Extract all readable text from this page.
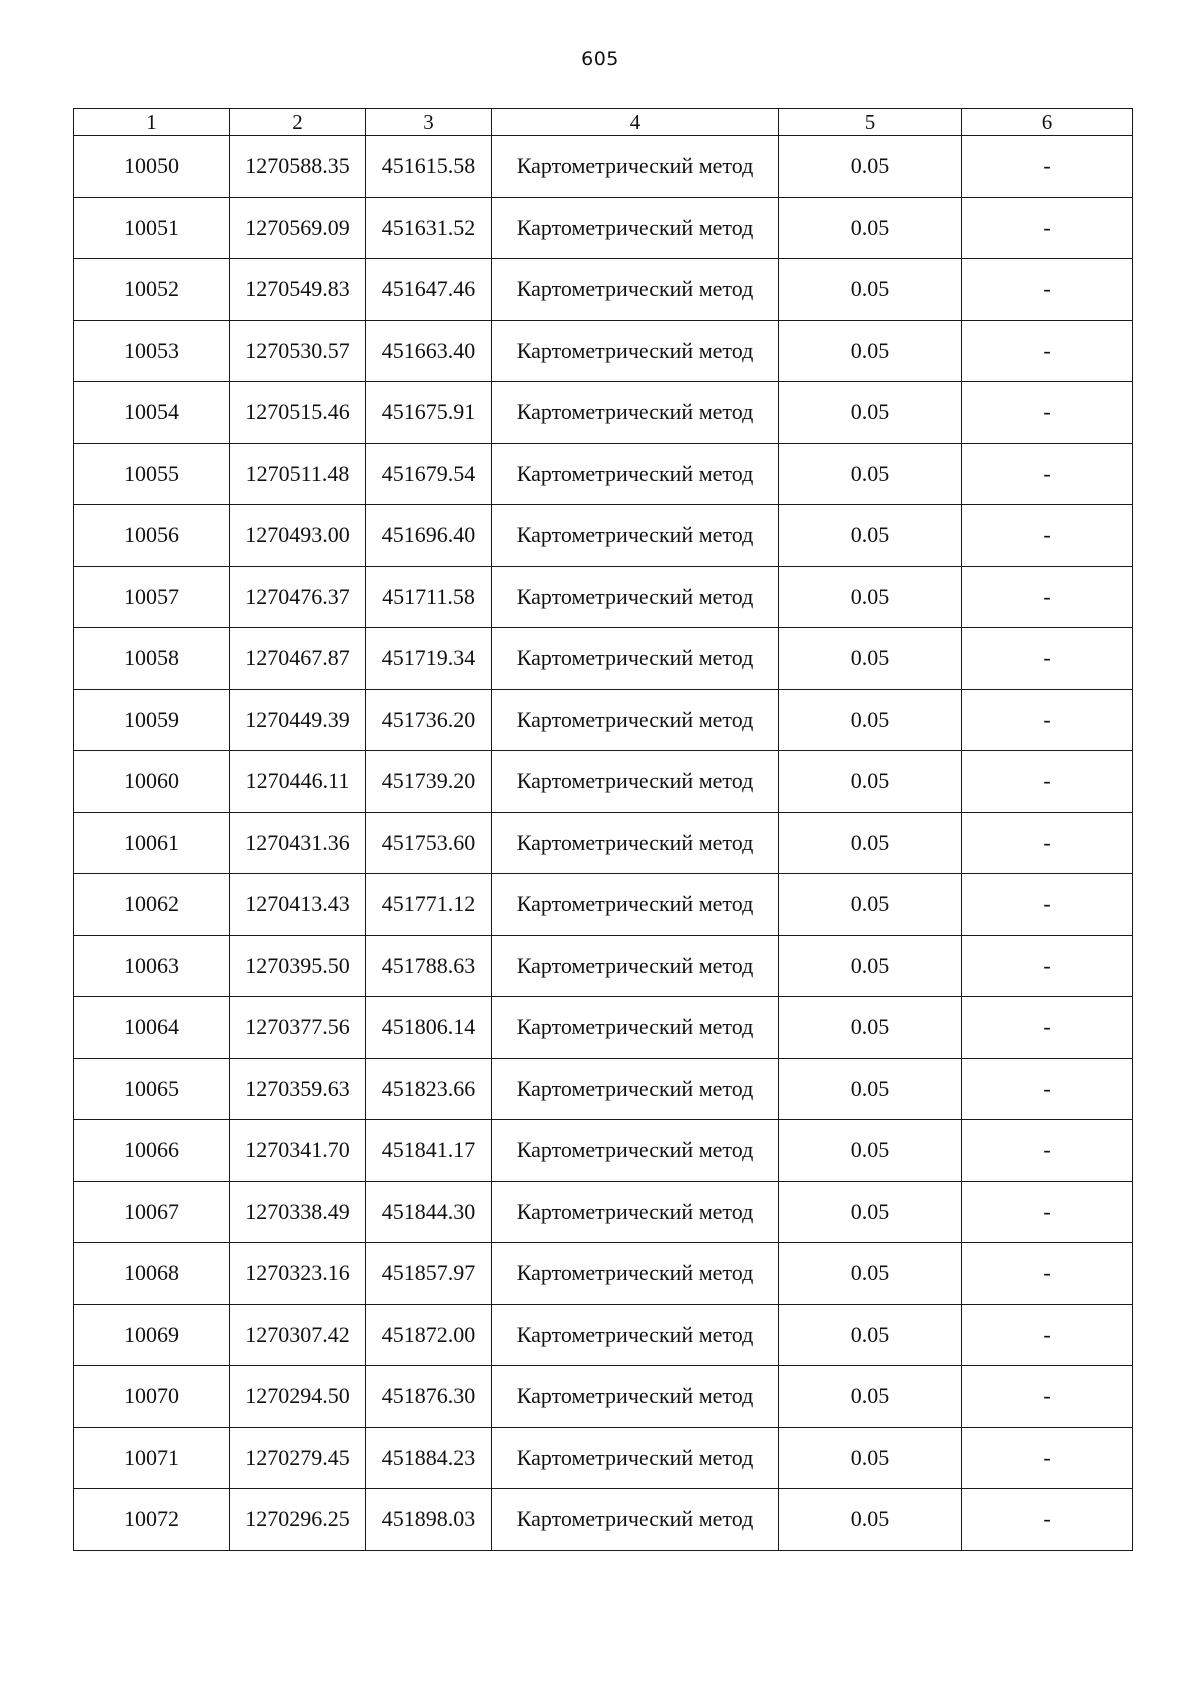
605
1	2	3	4	5	6
10050	1270588.35	451615.58	Картометрический метод	0.05	-
10051	1270569.09	451631.52	Картометрический метод	0.05	-
10052	1270549.83	451647.46	Картометрический метод	0.05	-
10053	1270530.57	451663.40	Картометрический метод	0.05	-
10054	1270515.46	451675.91	Картометрический метод	0.05	-
10055	1270511.48	451679.54	Картометрический метод	0.05	-
10056	1270493.00	451696.40	Картометрический метод	0.05	-
10057	1270476.37	451711.58	Картометрический метод	0.05	-
10058	1270467.87	451719.34	Картометрический метод	0.05	-
10059	1270449.39	451736.20	Картометрический метод	0.05	-
10060	1270446.11	451739.20	Картометрический метод	0.05	-
10061	1270431.36	451753.60	Картометрический метод	0.05	-
10062	1270413.43	451771.12	Картометрический метод	0.05	-
10063	1270395.50	451788.63	Картометрический метод	0.05	-
10064	1270377.56	451806.14	Картометрический метод	0.05	-
10065	1270359.63	451823.66	Картометрический метод	0.05	-
10066	1270341.70	451841.17	Картометрический метод	0.05	-
10067	1270338.49	451844.30	Картометрический метод	0.05	-
10068	1270323.16	451857.97	Картометрический метод	0.05	-
10069	1270307.42	451872.00	Картометрический метод	0.05	-
10070	1270294.50	451876.30	Картометрический метод	0.05	-
10071	1270279.45	451884.23	Картометрический метод	0.05	-
10072	1270296.25	451898.03	Картометрический метод	0.05	-
